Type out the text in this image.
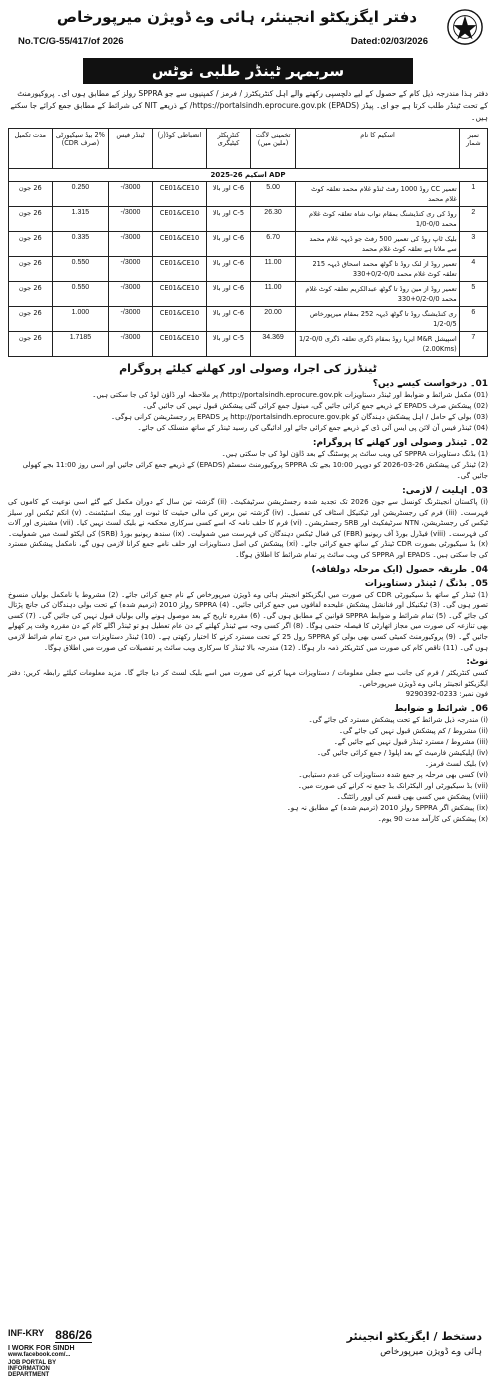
دفتر ایگزیکٹو انجینئر، ہائی وے ڈویژن میرپورخاص
No.TC/G-55/417/of 2026	Dated:02/03/2026
سربمہر ٹینڈر طلبی نوٹس

دفتر ہذا مندرجہ ذیل کام کے حصول کے لیے دلچسپی رکھنے والے اہل کنٹریکٹرز / فرمز / کمپنیوں سے جو SPPRA رولز کے مطابق ہوں ای۔ پروکیورمنٹ کے تحت ٹینڈر طلب کرتا ہے جو ای۔ پیڈز (EPADS) https://portalsindh.eprocure.gov.pk/ کے ذریعے NIT کی شرائط کے مطابق جمع کرائے جا سکتے ہیں۔

نمبر شمار	اسکیم کا نام	تخمینی لاگت (ملین میں)	کنٹریکٹر کیٹیگری	انضباطی کوڈ(ز)	ٹینڈر فیس	2% بیڈ سیکیورٹی (صرف CDR)	مدت تکمیل
ADP اسکیم 26-2025							
1	تعمیر CC روڈ 1000 رفٹ ٹنڈو غلام محمد تعلقہ کوٹ غلام محمد	5.00	C-6 اور بالا	CE01&CE10	3000/-	0.250	26 جون
2	روڈ کی ری کنڈیشنگ بمقام نواب شاہ تعلقہ کوٹ غلام محمد 0/0-1/0	26.30	C-5 اور بالا	CE01&CE10	3000/-	1.315	26 جون
3	بلیک ٹاپ روڈ کی تعمیر 500 رفٹ جو ڈیہہ غلام محمد سے ملاتا ہے تعلقہ کوٹ غلام محمد	6.70	C-6 اور بالا	CE01&CE10	3000/-	0.335	26 جون
4	تعمیر روڈ از لنک روڈ تا گوٹھ محمد اسحاق ڈیہہ 215 تعلقہ کوٹ غلام محمد 0/0-0/2+330	11.00	C-6 اور بالا	CE01&CE10	3000/-	0.550	26 جون
5	تعمیر روڈ از مین روڈ تا گوٹھ عبدالکریم تعلقہ کوٹ غلام محمد 0/0-0/2+330	11.00	C-6 اور بالا	CE01&CE10	3000/-	0.550	26 جون
6	ری کنڈیشنگ روڈ تا گوٹھ ڈیہہ 252 بمقام میرپورخاص 0/5-1/2	20.00	C-6 اور بالا	CE01&CE10	3000/-	1.000	26 جون
7	اسپیشل M&R ایریا روڈ بمقام ڈگری تعلقہ ڈگری 0/0-1/2 (2.00Kms)	34.369	C-5 اور بالا	CE01&CE10	3000/-	1.7185	26 جون
ٹینڈرز کی اجرا، وصولی اور کھلنے کیلئے پروگرام
01۔ درخواست کیسے دیں؟
(01) مکمل شرائط و ضوابط اور ٹینڈر دستاویزات http://portalsindh.eprocure.gov.pk/ پر ملاحظہ اور ڈاؤن لوڈ کی جا سکتی ہیں۔
(02) پیشکش صرف EPADS کے ذریعے جمع کرائی جائیں گی، مینول جمع کرائی گئی پیشکش قبول نہیں کی جائیں گی۔
(03) بولی کے حامل / اہل پیشکش دہندگان کو http://portalsindh.eprocure.gov.pk پر EPADS پر رجسٹریشن کرانی ہوگی۔
(04) ٹینڈر فیس آن لائن پی ایس آئی ڈی کے ذریعے جمع کرائی جائے اور ادائیگی کی رسید ٹینڈر کے ساتھ منسلک کی جائے۔
02۔ ٹینڈر وصولی اور کھلنے کا پروگرام:
(1) بڈنگ دستاویزات SPPRA کی ویب سائٹ پر پوسٹنگ کے بعد ڈاؤن لوڈ کی جا سکتی ہیں۔
(2) ٹینڈر کی پیشکش 26-03-2026 کو دوپہر 10:00 بجے تک SPPRA پروکیورمنٹ سسٹم (EPADS) کے ذریعے جمع کرائی جائیں اور اسی روز 11:00 بجے کھولی جائیں گی۔
03۔ اہلیت / لازمی:

(i) پاکستان انجینئرنگ کونسل سے جون 2026 تک تجدید شدہ رجسٹریشن سرٹیفکیٹ۔ (ii) گزشتہ تین سال کے دوران مکمل کیے گئے اسی نوعیت کے کاموں کی فہرست۔ (iii) فرم کی رجسٹریشن اور ٹیکنیکل اسٹاف کی تفصیل۔ (iv) گزشتہ تین برس کی مالی حیثیت کا ثبوت اور بینک اسٹیٹمنٹ۔ (v) انکم ٹیکس اور سیلز ٹیکس کی رجسٹریشن، NTN سرٹیفکیٹ اور SRB رجسٹریشن۔ (vi) فرم کا حلف نامہ کہ اسے کسی سرکاری محکمہ نے بلیک لسٹ نہیں کیا۔ (vii) مشینری اور آلات کی فہرست۔ (viii) فیڈرل بورڈ آف ریونیو (FBR) کی فعال ٹیکس دہندگان کی فہرست میں شمولیت۔ (ix) سندھ ریونیو بورڈ (SRB) کی ایکٹو لسٹ میں شمولیت۔ (x) بڈ سیکیورٹی بصورت CDR ٹینڈر کے ساتھ جمع کرائی جائے۔ (xi) پیشکش کی اصل دستاویزات اور حلف نامے جمع کرانا لازمی ہوں گے، نامکمل پیشکش مسترد کی جا سکتی ہیں۔ EPADS اور SPPRA کی ویب سائٹ پر تمام شرائط کا اطلاق ہوگا۔

04۔ طریقہ حصول (ایک مرحلہ دولفافہ)
05۔ بڈنگ / ٹینڈر دستاویزات

(1) ٹینڈر کے ساتھ بڈ سیکیورٹی CDR کی صورت میں ایگزیکٹو انجینئر ہائی وے ڈویژن میرپورخاص کے نام جمع کرائی جائے۔ (2) مشروط یا نامکمل بولیاں منسوخ تصور ہوں گی۔ (3) ٹیکنیکل اور فنانشل پیشکش علیحدہ لفافوں میں جمع کرائی جائیں۔ (4) SPPRA رولز 2010 (ترمیم شدہ) کے تحت بولی دہندگان کی جانچ پڑتال کی جائے گی۔ (5) تمام شرائط و ضوابط SPPRA قوانین کے مطابق ہوں گی۔ (6) مقررہ تاریخ کے بعد موصول ہونے والی بولیاں قبول نہیں کی جائیں گی۔ (7) کسی بھی تنازعہ کی صورت میں مجاز اتھارٹی کا فیصلہ حتمی ہوگا۔ (8) اگر کسی وجہ سے ٹینڈر کھلنے کے دن عام تعطیل ہو تو ٹینڈر اگلے کام کے دن مقررہ وقت پر کھولے جائیں گے۔ (9) پروکیورمنٹ کمیٹی کسی بھی بولی کو SPPRA رول 25 کے تحت مسترد کرنے کا اختیار رکھتی ہے۔ (10) ٹینڈر دستاویزات میں درج تمام شرائط لازمی ہوں گی۔ (11) ناقص کام کی صورت میں کنٹریکٹر ذمہ دار ہوگا۔ (12) مندرجہ بالا ٹینڈر کا سرکاری ویب سائٹ پر تفصیلات کی صورت میں اطلاق ہوگا۔

نوٹ:

کسی کنٹریکٹر / فرم کی جانب سے جعلی معلومات / دستاویزات مہیا کرنے کی صورت میں اسے بلیک لسٹ کر دیا جائے گا۔ مزید معلومات کیلئے رابطہ کریں: دفتر ایگزیکٹو انجینئر ہائی وے ڈویژن میرپورخاص۔

فون نمبر: 0233-9290392
06۔ شرائط و ضوابط
(i) مندرجہ ذیل شرائط کے تحت پیشکش مسترد کی جائے گی۔
(ii) مشروط / کم پیشکش قبول نہیں کی جائے گی۔
(iii) مشروط / مسترد ٹینڈر قبول نہیں کیے جائیں گے۔
(iv) اپلیکیشن فارمیٹ کے بعد اپلوڈ / جمع کرائی جائیں گی۔
(v) بلیک لسٹ فرمز۔
(vi) کسی بھی مرحلہ پر جمع شدہ دستاویزات کی عدم دستیابی۔
(vii) بڈ سیکیورٹی اور الیکٹرانک بڈ جمع نہ کرانے کی صورت میں۔
(viii) پیشکش میں کسی بھی قسم کی اوور رائٹنگ۔
(ix) پیشکش اگر SPPRA رولز 2010 (ترمیم شدہ) کے مطابق نہ ہو۔
(x) پیشکش کی کارآمد مدت 90 یوم۔
INF-KRY 886/26
I WORK FOR SINDH
www.facebook.com/...
JOB PORTAL BY INFORMATION DEPARTMENT
دستخط / ایگزیکٹو انجینئر
ہائی وے ڈویژن میرپورخاص
